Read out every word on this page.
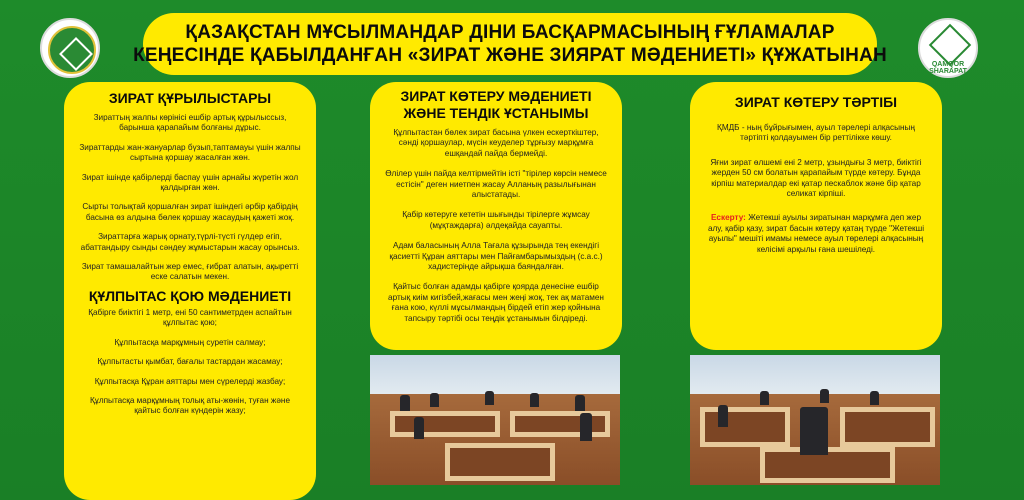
ҚАЗАҚСТАН МҰСЫЛМАНДАР ДІНИ БАСҚАРМАСЫНЫҢ ҒҰЛАМАЛАР
КЕҢЕСІНДЕ ҚАБЫЛДАНҒАН «ЗИРАТ ЖӘНЕ ЗИЯРАТ МӘДЕНИЕТІ» ҚҰЖАТЫНАН	QAMQOR SHARAPAT
ЗИРАТ ҚҰРЫЛЫСТАРЫ

Зираттың жалпы көрінісі ешбір артық құрылыссыз, барынша қарапайым болғаны дұрыс.

Зираттарды жан-жануарлар бүзып,таптамауы үшін жалпы сыртына қоршау жасалған жөн.

Зират ішінде қабірлерді баспау үшін арнайы жүретін жол қалдырған жөн.

Сырты толықтай қоршалған зират ішіндегі әрбір қабірдің басына өз алдына бөлек қоршау жасаудың қажеті жоқ.

Зираттарға жарық орнату,түрлі-түсті гүлдер егіп, абаттандыру сынды сәндеу жұмыстарын жасау орынсыз.

Зират тамашалайтын жер емес, ғибрат алатын, ақыретті еске салатын мекен.

ҚҰЛПЫТАС ҚОЮ МӘДЕНИЕТІ

Қабірге биіктігі 1 метр, ені 50 сантиметрден аспайтын құлпытас қою;

Құлпытасқа марқұмның суретін салмау;

Құлпытасты қымбат, бағалы тастардан жасамау;

Құлпытасқа Құран аяттары мен сүрелерді жазбау;

Құлпытасқа марқұмның толық аты-жөнін, туған және қайтыс болған күндерін жазу;

ЗИРАТ КӨТЕРУ МӘДЕНИЕТІ
ЖӘНЕ ТЕНДІК ҰСТАНЫМЫ

Құлпытастан бөлек зират басына үлкен ескерткіштер, сәнді қоршаулар, мүсін кеуделер тұрғызу марқұмға ешқандай пайда бермейді.

Өлілер үшін пайда келтірмейтін істі "тірілер көрсін немесе естісін" деген ниетпен жасау Алланың разылығынан алыстатады.

Қабір көтеруге кететін шығынды тірілерге жұмсау (мұқтаждарға) әлдеқайда сауапты.

Адам баласының Алла Тағала құзырында тең екендігі қасиетті Құран аяттары мен Пайғамбарымыздың (с.а.с.) хадистерінде айрықша баяндалған.

Қайтыс болған адамды қабірге қоярда денесіне ешбір артық киім кигізбей,жағасы мен жеңі жоқ, тек ақ матамен ғана кою, күллі мұсылмандың бірдей етіп жер қойнына тапсыру тәртібі осы теңдік ұстанымын білдіреді.

ЗИРАТ КӨТЕРУ ТӘРТІБІ

ҚМДБ - ның бұйрығымен, ауыл тәрелері алқасының тәртіпті қолдауымен бір реттілікке көшу.

Яғни зират өлшемі ені 2 метр, ұзындығы 3 метр, биіктігі жерден 50 см болатын қарапайым түрде көтеру. Бұнда кірпіш материалдар екі қатар пескаблок және бір қатар селикат кірпіші.

Ескерту: Жетекші ауылы зиратынан марқұмға деп жер алу, қабір қазу, зират басын көтеру қатаң түрде "Жетекші ауылы" мешіті имамы немесе ауыл төрелері алқасының келісімі арқылы ғана шешіледі.
